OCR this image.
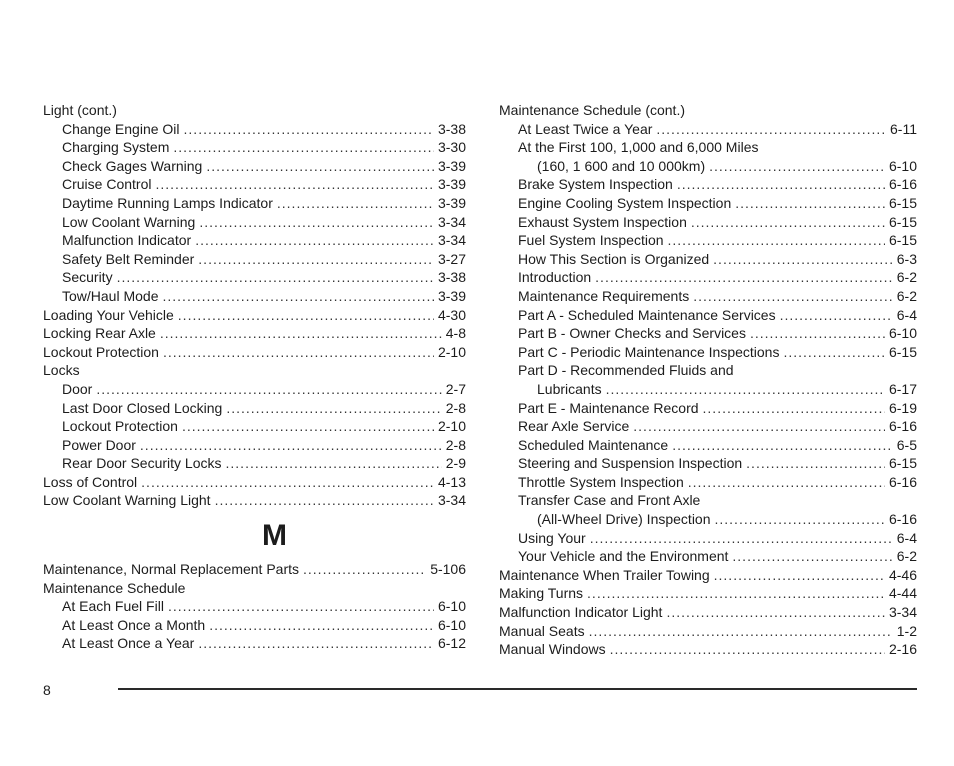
Light (cont.)
Change Engine Oil .....	3-38
Charging System .....	3-30
Check Gages Warning .....	3-39
Cruise Control .....	3-39
Daytime Running Lamps Indicator .....	3-39
Low Coolant Warning .....	3-34
Malfunction Indicator .....	3-34
Safety Belt Reminder .....	3-27
Security .....	3-38
Tow/Haul Mode .....	3-39
Loading Your Vehicle .....	4-30
Locking Rear Axle .....	4-8
Lockout Protection .....	2-10
Locks
Door .....	2-7
Last Door Closed Locking .....	2-8
Lockout Protection .....	2-10
Power Door .....	2-8
Rear Door Security Locks .....	2-9
Loss of Control .....	4-13
Low Coolant Warning Light .....	3-34
M
Maintenance, Normal Replacement Parts .....	5-106
Maintenance Schedule
At Each Fuel Fill .....	6-10
At Least Once a Month .....	6-10
At Least Once a Year .....	6-12
Maintenance Schedule (cont.)
At Least Twice a Year .....	6-11
At the First 100, 1,000 and 6,000 Miles
(160, 1 600 and 10 000km) .....	6-10
Brake System Inspection .....	6-16
Engine Cooling System Inspection .....	6-15
Exhaust System Inspection .....	6-15
Fuel System Inspection .....	6-15
How This Section is Organized .....	6-3
Introduction .....	6-2
Maintenance Requirements .....	6-2
Part A - Scheduled Maintenance Services .....	6-4
Part B - Owner Checks and Services .....	6-10
Part C - Periodic Maintenance Inspections .....	6-15
Part D - Recommended Fluids and
Lubricants .....	6-17
Part E - Maintenance Record .....	6-19
Rear Axle Service .....	6-16
Scheduled Maintenance .....	6-5
Steering and Suspension Inspection .....	6-15
Throttle System Inspection .....	6-16
Transfer Case and Front Axle
(All-Wheel Drive) Inspection .....	6-16
Using Your .....	6-4
Your Vehicle and the Environment .....	6-2
Maintenance When Trailer Towing .....	4-46
Making Turns .....	4-44
Malfunction Indicator Light .....	3-34
Manual Seats .....	1-2
Manual Windows .....	2-16
8
